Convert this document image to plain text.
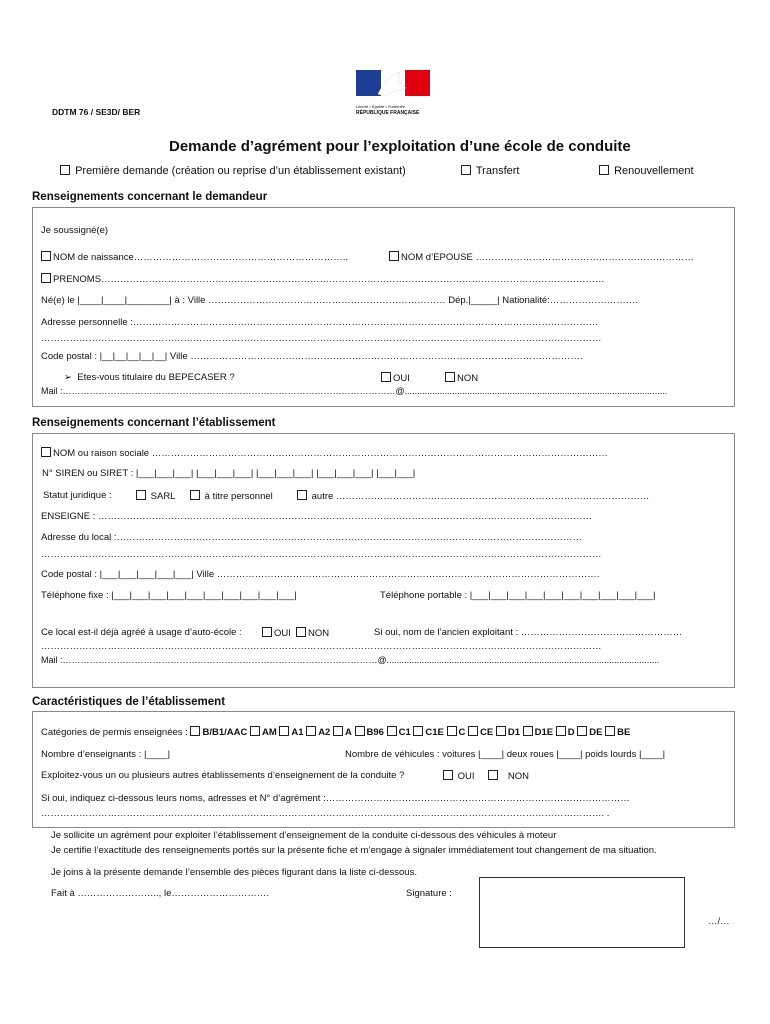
Liberté • Égalité • Fraternité
RÉPUBLIQUE FRANÇAISE
DDTM 76 / SE3D/ BER
Demande d’agrément pour l’exploitation d’une école de conduite
Première demande (création ou reprise d’un établissement existant)	Transfert	Renouvellement
Renseignements concernant le demandeur
Je soussigné(e)
NOM de naissance…………………………………………………………..	NOM d’EPOUSE ……………………………………………………………
PRENOMS……………………………………………………………………………………………………………………………………………
Né(e) le |____|____|________| à : Ville ………………………………………………………………… Dép.|_____| Nationalité:……………………….
Adresse personnelle :…………………………………………………………………………………………………………………………………
……………………………………………………………………………………………………………………………………………………………
Code postal : |__|__|__|__|__| Ville …………………………………………………………………………………………………………….
➢ Etes-vous titulaire du BEPECASER ?	OUI	NON
Mail :…………………………………………………………………………………………………@.........................................................................................................
Renseignements concernant l’établissement
NOM ou raison sociale ………………………………………………………………………………………………………………………………
N° SIREN ou SIRET : |___|___|___| |___|___|___| |___|___|___| |___|___|___| |___|___|
Statut juridique :	SARL	à titre personnel	autre ………………………………………………………………………………………
ENSEIGNE : …………………………………………………………………………………………………………………………………………
Adresse du local :…………………………………………………………………………………………………………………………………
……………………………………………………………………………………………………………………………………………………………
Code postal : |___|___|___|___|___| Ville ………………………………………………………………………………………………………….
Téléphone fixe : |___|___|___|___|___|___|___|___|___|___|	Téléphone portable : |___|___|___|___|___|___|___|___|___|___|
Ce local est-il déjà agréé à usage d’auto-école :	OUI	NON	Si oui, nom de l’ancien exploitant : ……………………………………………
……………………………………………………………………………………………………………………………………………………………
Mail :……………………………………………………………………………………………@.............................................................................................................
Caractéristiques de l’établissement
Catégories de permis enseignées : B/B1/AAC AM A1 A2 A B96 C1 C1E C CE D1 D1E D DE BE
Nombre d’enseignants : |____|	Nombre de véhicules : voitures |____| deux roues |____| poids lourds |____|
Exploitez-vous un ou plusieurs autres établissements d’enseignement de la conduite ?	OUI	NON
Si oui, indiquez ci-dessous leurs noms, adresses et N° d’agrément :……………………………………………………………………………………
……………………………………………………………………………………………………………………………………………………………. .
Je sollicite un agrément pour exploiter l’établissement d’enseignement de la conduite ci-dessous des véhicules à moteur
Je certifie l’exactitude des renseignements portés sur la présente fiche et m’engage à signaler immédiatement tout changement de ma situation.
Je joins à la présente demande l’ensemble des pièces figurant dans la liste ci-dessous.
Fait à …………………….., le………………………….	Signature :
…/…
